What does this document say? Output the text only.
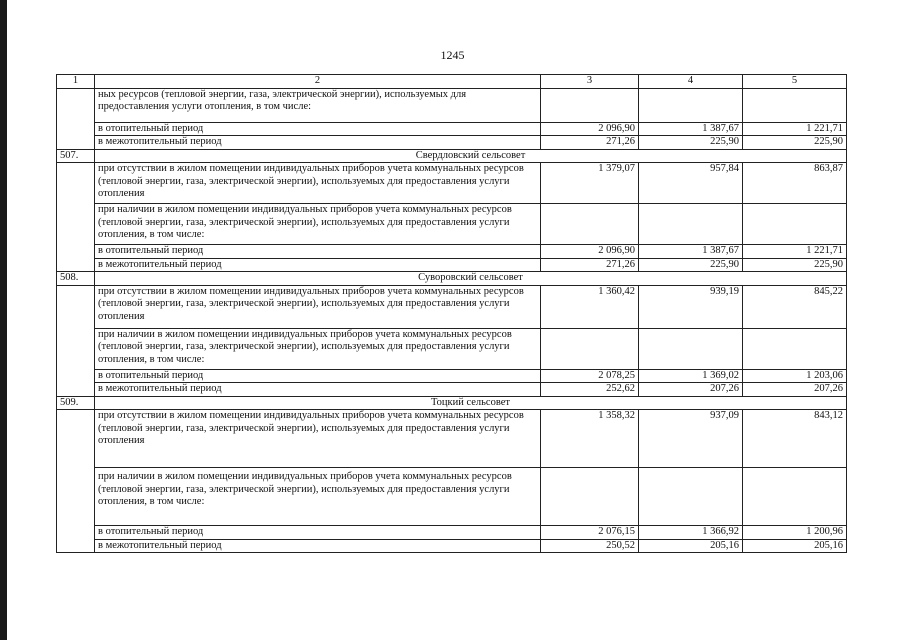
1245
1	2	3	4	5
	ных ресурсов (тепловой энергии, газа, электрической энергии), используемых для предоставления услуги отопления, в том числе:			
	в отопительный период	2 096,90	1 387,67	1 221,71
	в межотопительный период	271,26	225,90	225,90
507.	Свердловский сельсовет			
	при отсутствии в жилом помещении индивидуальных приборов учета коммунальных ресурсов (тепловой энергии, газа, электрической энергии), используемых для предоставления услуги отопления	1 379,07	957,84	863,87
	при наличии в жилом помещении индивидуальных приборов учета коммунальных ресурсов (тепловой энергии, газа, электрической энергии), используемых для предоставления услуги отопления, в том числе:			
	в отопительный период	2 096,90	1 387,67	1 221,71
	в межотопительный период	271,26	225,90	225,90
508.	Суворовский сельсовет			
	при отсутствии в жилом помещении индивидуальных приборов учета коммунальных ресурсов (тепловой энергии, газа, электрической энергии), используемых для предоставления услуги отопления	1 360,42	939,19	845,22
	при наличии в жилом помещении индивидуальных приборов учета коммунальных ресурсов (тепловой энергии, газа, электрической энергии), используемых для предоставления услуги отопления, в том числе:			
	в отопительный период	2 078,25	1 369,02	1 203,06
	в межотопительный период	252,62	207,26	207,26
509.	Тоцкий сельсовет			
	при отсутствии в жилом помещении индивидуальных приборов учета коммунальных ресурсов (тепловой энергии, газа, электрической энергии), используемых для предоставления услуги отопления	1 358,32	937,09	843,12
	при наличии в жилом помещении индивидуальных приборов учета коммунальных ресурсов (тепловой энергии, газа, электрической энергии), используемых для предоставления услуги отопления, в том числе:			
	в отопительный период	2 076,15	1 366,92	1 200,96
	в межотопительный период	250,52	205,16	205,16
